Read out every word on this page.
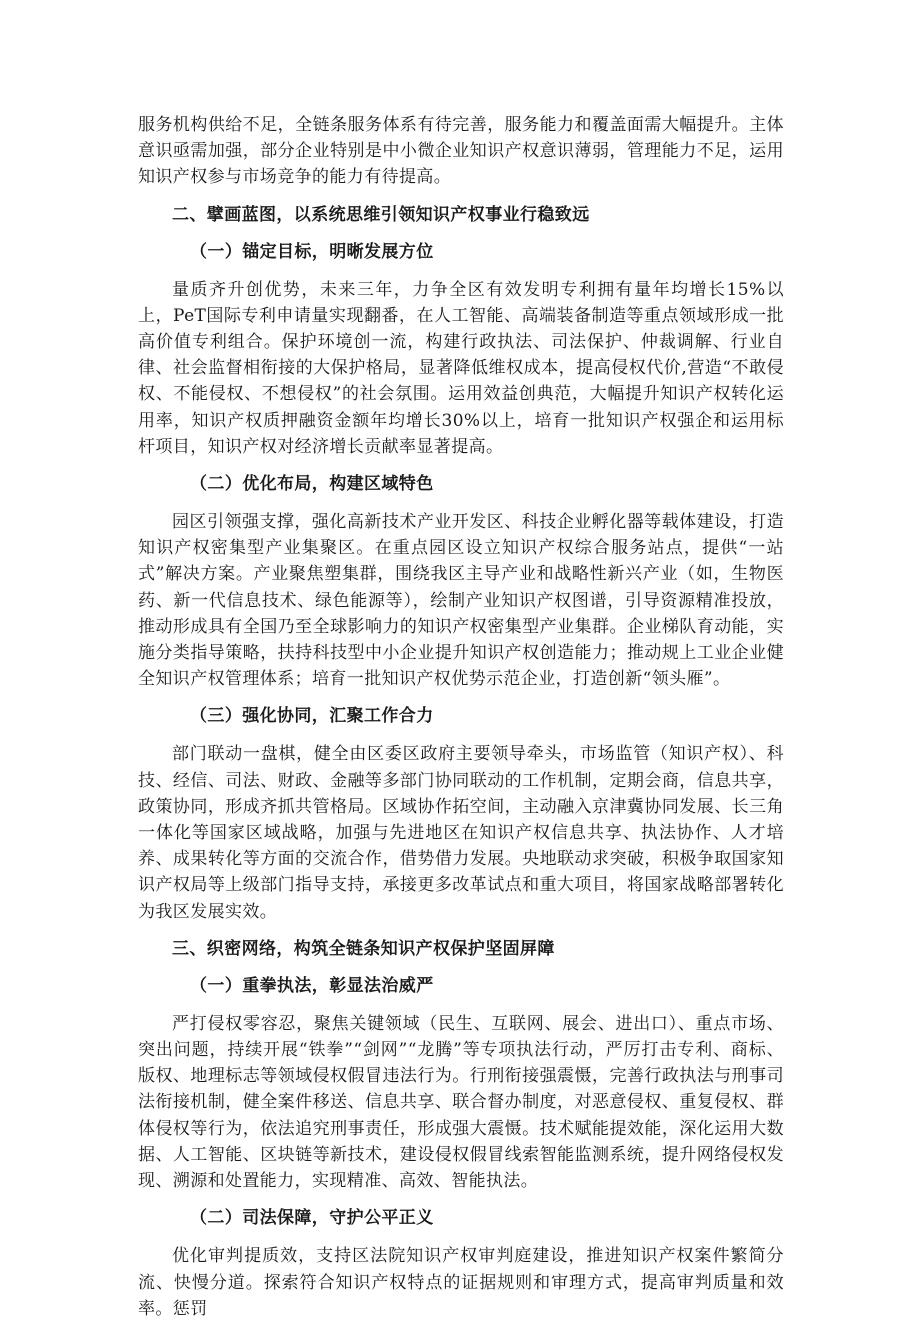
服务机构供给不足，全链条服务体系有待完善，服务能力和覆盖面需大幅提升。主体意识亟需加强，部分企业特别是中小微企业知识产权意识薄弱，管理能力不足，运用知识产权参与市场竞争的能力有待提高。

二、擘画蓝图，以系统思维引领知识产权事业行稳致远
（一）锚定目标，明晰发展方位

量质齐升创优势，未来三年，力争全区有效发明专利拥有量年均增长15%以上，PeT国际专利申请量实现翻番，在人工智能、高端装备制造等重点领域形成一批高价值专利组合。保护环境创一流，构建行政执法、司法保护、仲裁调解、行业自律、社会监督相衔接的大保护格局，显著降低维权成本，提高侵权代价,营造“不敢侵权、不能侵权、不想侵权”的社会氛围。运用效益创典范，大幅提升知识产权转化运用率，知识产权质押融资金额年均增长30%以上，培育一批知识产权强企和运用标杆项目，知识产权对经济增长贡献率显著提高。

（二）优化布局，构建区域特色

园区引领强支撑，强化高新技术产业开发区、科技企业孵化器等载体建设，打造知识产权密集型产业集聚区。在重点园区设立知识产权综合服务站点，提供“一站式”解决方案。产业聚焦塑集群，围绕我区主导产业和战略性新兴产业（如，生物医药、新一代信息技术、绿色能源等），绘制产业知识产权图谱，引导资源精准投放，推动形成具有全国乃至全球影响力的知识产权密集型产业集群。企业梯队育动能，实施分类指导策略，扶持科技型中小企业提升知识产权创造能力；推动规上工业企业健全知识产权管理体系；培育一批知识产权优势示范企业，打造创新“领头雁”。

（三）强化协同，汇聚工作合力

部门联动一盘棋，健全由区委区政府主要领导牵头，市场监管（知识产权）、科技、经信、司法、财政、金融等多部门协同联动的工作机制，定期会商，信息共享，政策协同，形成齐抓共管格局。区域协作拓空间，主动融入京津冀协同发展、长三角一体化等国家区域战略，加强与先进地区在知识产权信息共享、执法协作、人才培养、成果转化等方面的交流合作，借势借力发展。央地联动求突破，积极争取国家知识产权局等上级部门指导支持，承接更多改革试点和重大项目，将国家战略部署转化为我区发展实效。

三、织密网络，构筑全链条知识产权保护坚固屏障
（一）重拳执法，彰显法治威严

严打侵权零容忍，聚焦关键领域（民生、互联网、展会、进出口）、重点市场、突出问题，持续开展“铁拳”“剑网”“龙腾”等专项执法行动，严厉打击专利、商标、版权、地理标志等领域侵权假冒违法行为。行刑衔接强震慑，完善行政执法与刑事司法衔接机制，健全案件移送、信息共享、联合督办制度，对恶意侵权、重复侵权、群体侵权等行为，依法追究刑事责任，形成强大震慑。技术赋能提效能，深化运用大数据、人工智能、区块链等新技术，建设侵权假冒线索智能监测系统，提升网络侵权发现、溯源和处置能力，实现精准、高效、智能执法。

（二）司法保障，守护公平正义

优化审判提质效，支持区法院知识产权审判庭建设，推进知识产权案件繁简分流、快慢分道。探索符合知识产权特点的证据规则和审理方式，提高审判质量和效率。惩罚
